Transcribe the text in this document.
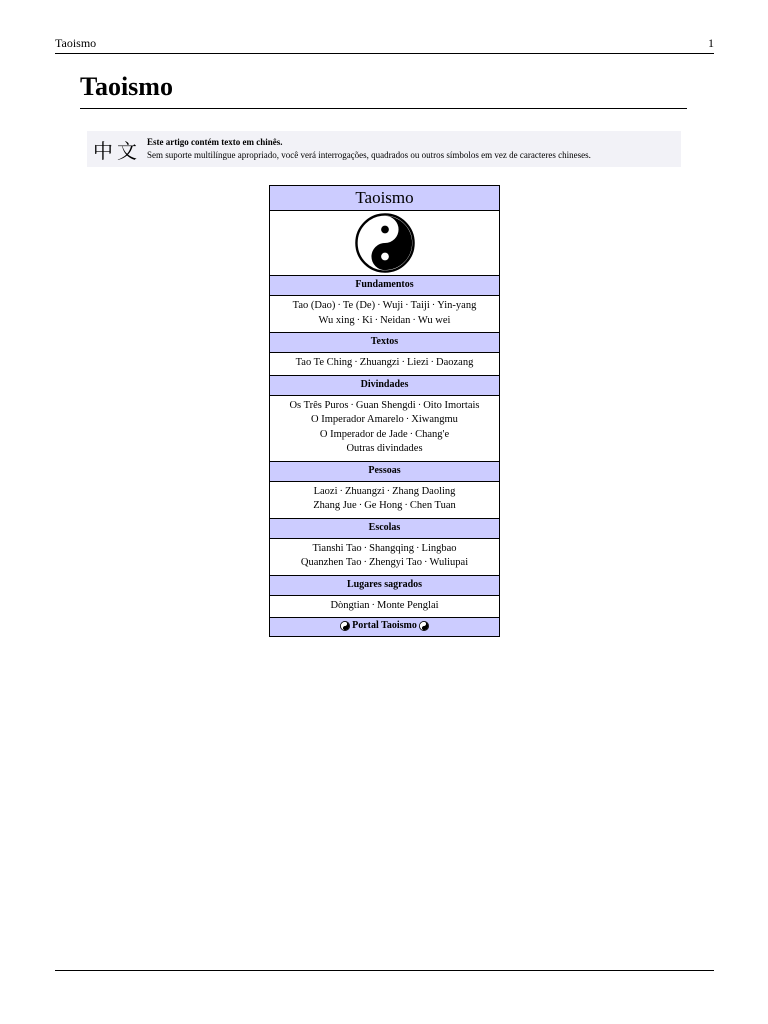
Taoismo	1
Taoismo
中文 Este artigo contém texto em chinês.
Sem suporte multilíngue apropriado, você verá interrogações, quadrados ou outros símbolos em vez de caracteres chineses.
Taoismo
Fundamentos
Tao (Dao) · Te (De) · Wuji · Taiji · Yin-yang
Wu xing · Ki · Neidan · Wu wei
Textos
Tao Te Ching · Zhuangzi · Liezi · Daozang
Divindades
Os Três Puros · Guan Shengdi · Oito Imortais
O Imperador Amarelo · Xiwangmu
O Imperador de Jade · Chang'e
Outras divindades
Pessoas
Laozi · Zhuangzi · Zhang Daoling
Zhang Jue · Ge Hong · Chen Tuan
Escolas
Tianshi Tao · Shangqing · Lingbao
Quanzhen Tao · Zhengyi Tao · Wuliupai
Lugares sagrados
Dòngtian · Monte Penglai
Portal Taoismo
